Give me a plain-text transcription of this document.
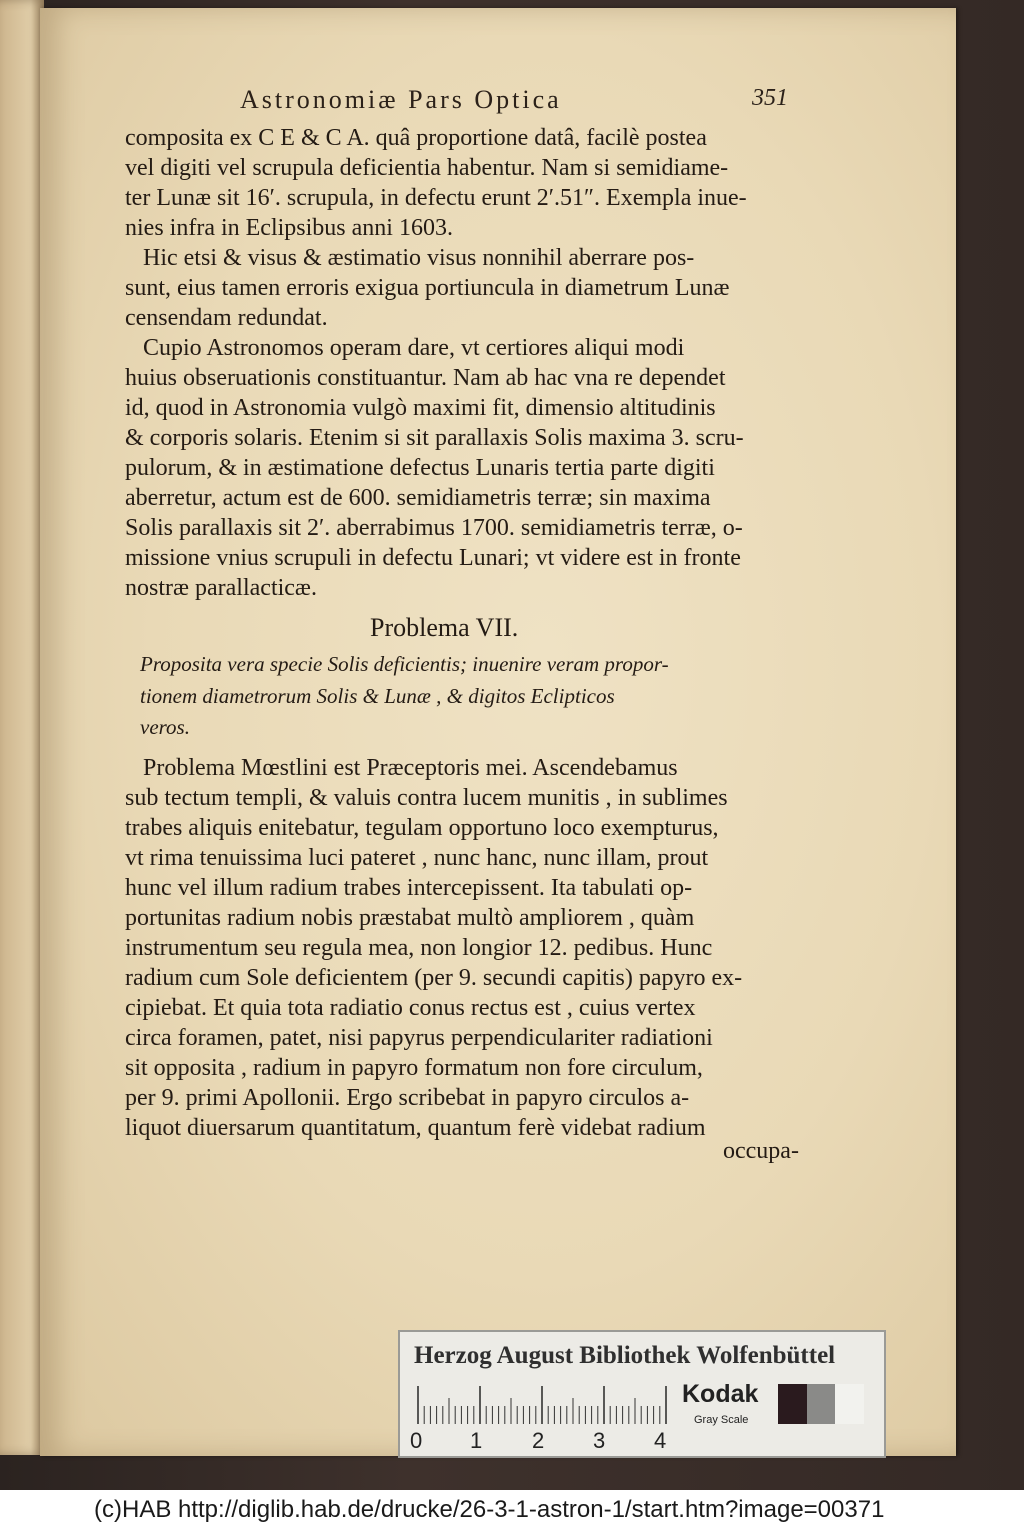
Astronomiæ Pars Optica	351
composita ex C E & C A. quâ proportione datâ, facilè postea
vel digiti vel scrupula deficientia habentur. Nam si semidiame-
ter Lunæ sit 16′. scrupula, in defectu erunt 2′.51″. Exempla inue-
nies infra in Eclipsibus anni 1603.
Hic etsi & visus & æstimatio visus nonnihil aberrare pos-
sunt, eius tamen erroris exigua portiuncula in diametrum Lunæ
censendam redundat.
Cupio Astronomos operam dare, vt certiores aliqui modi
huius obseruationis constituantur. Nam ab hac vna re dependet
id, quod in Astronomia vulgò maximi fit, dimensio altitudinis
& corporis solaris. Etenim si sit parallaxis Solis maxima 3. scru-
pulorum, & in æstimatione defectus Lunaris tertia parte digiti
aberretur, actum est de 600. semidiametris terræ; sin maxima
Solis parallaxis sit 2′. aberrabimus 1700. semidiametris terræ, o-
missione vnius scrupuli in defectu Lunari; vt videre est in fronte
nostræ parallacticæ.
Problema VII.
Proposita vera specie Solis deficientis; inuenire veram propor-
tionem diametrorum Solis & Lunæ , & digitos Eclipticos
veros.
Problema Mœstlini est Præceptoris mei. Ascendebamus
sub tectum templi, & valuis contra lucem munitis , in sublimes
trabes aliquis enitebatur, tegulam opportuno loco exempturus,
vt rima tenuissima luci pateret , nunc hanc, nunc illam, prout
hunc vel illum radium trabes intercepissent. Ita tabulati op-
portunitas radium nobis præstabat multò ampliorem , quàm
instrumentum seu regula mea, non longior 12. pedibus. Hunc
radium cum Sole deficientem (per 9. secundi capitis) papyro ex-
cipiebat. Et quia tota radiatio conus rectus est , cuius vertex
circa foramen, patet, nisi papyrus perpendiculariter radiationi
sit opposita , radium in papyro formatum non fore circulum,
per 9. primi Apollonii. Ergo scribebat in papyro circulos a-
liquot diuersarum quantitatum, quantum ferè videbat radium
occupa-
Herzog August Bibliothek Wolfenbüttel
0 1 2 3 4
Kodak
Gray Scale
(c)HAB http://diglib.hab.de/drucke/26-3-1-astron-1/start.htm?image=00371
